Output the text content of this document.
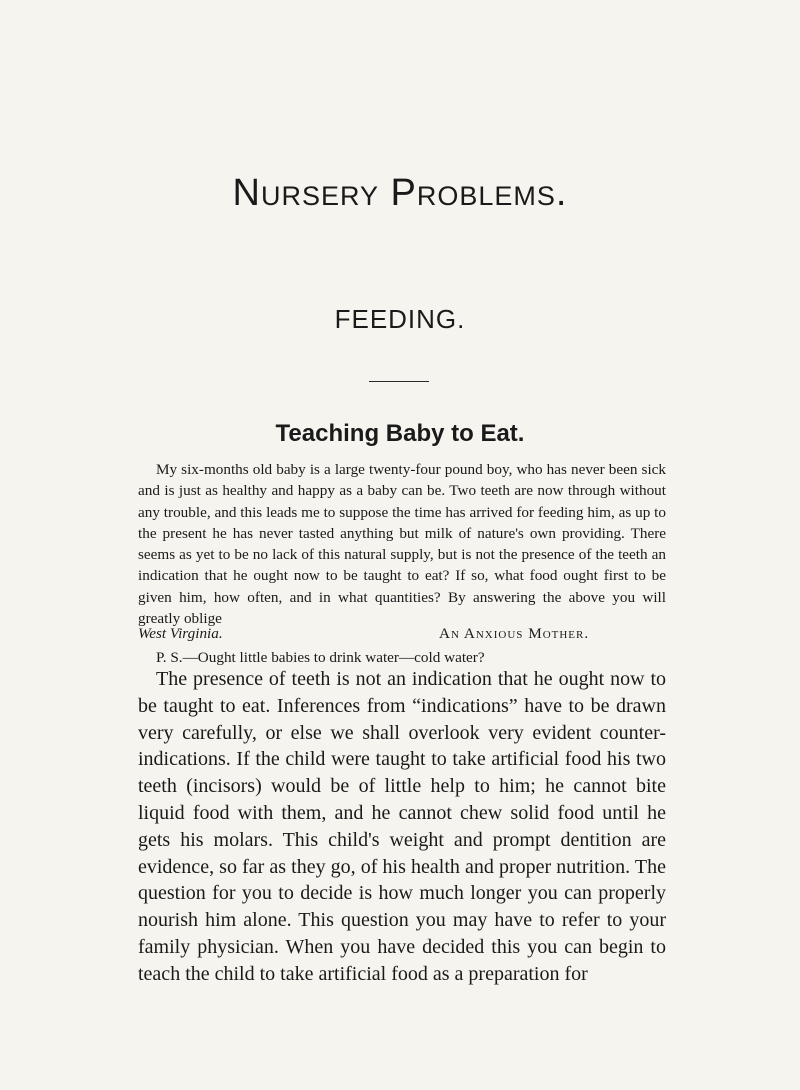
Nursery Problems.
FEEDING.
Teaching Baby to Eat.

My six-months old baby is a large twenty-four pound boy, who has never been sick and is just as healthy and happy as a baby can be. Two teeth are now through without any trouble, and this leads me to suppose the time has arrived for feeding him, as up to the present he has never tasted anything but milk of nature's own providing. There seems as yet to be no lack of this natural supply, but is not the presence of the teeth an indication that he ought now to be taught to eat? If so, what food ought first to be given him, how often, and in what quantities? By answering the above you will greatly oblige

West Virginia.	An Anxious Mother.

P. S.—Ought little babies to drink water—cold water?

The presence of teeth is not an indication that he ought now to be taught to eat. Inferences from “indications” have to be drawn very carefully, or else we shall overlook very evident counter-indications. If the child were taught to take artificial food his two teeth (incisors) would be of little help to him; he cannot bite liquid food with them, and he cannot chew solid food until he gets his molars. This child's weight and prompt dentition are evidence, so far as they go, of his health and proper nutrition. The question for you to decide is how much longer you can properly nourish him alone. This question you may have to refer to your family physician. When you have decided this you can begin to teach the child to take artificial food as a preparation for
